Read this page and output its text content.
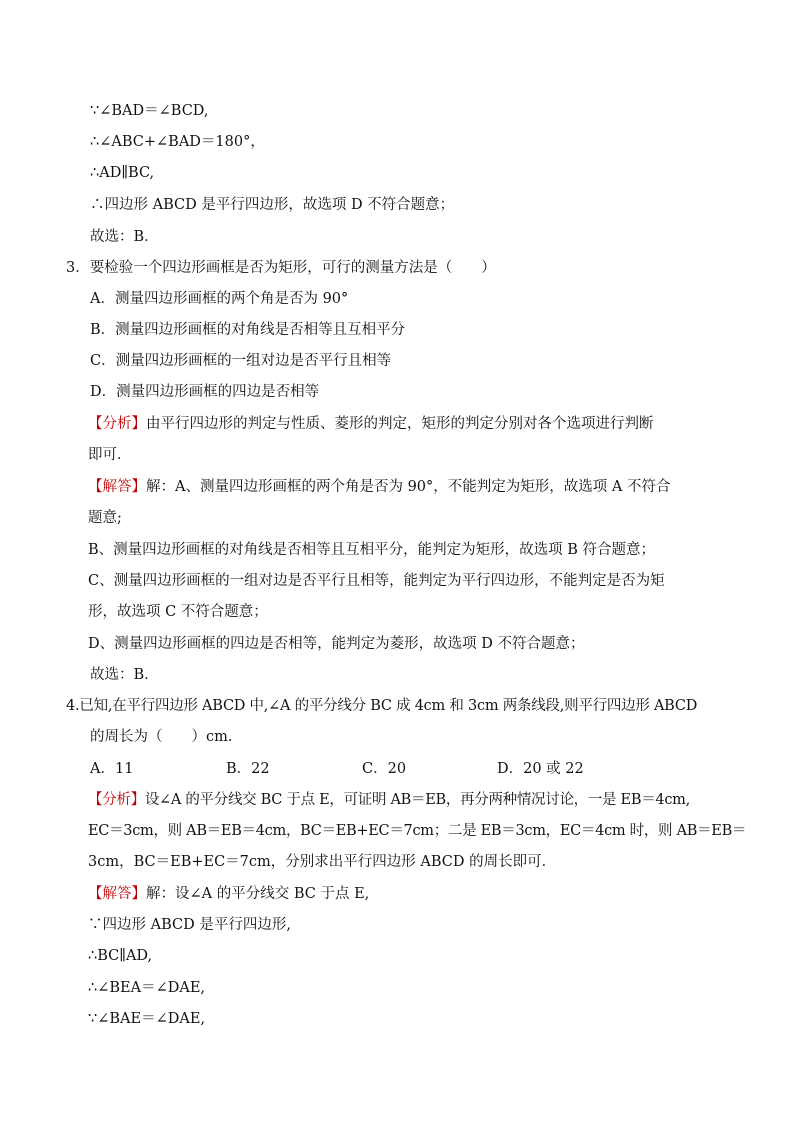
∵∠BAD＝∠BCD,
∴∠ABC+∠BAD＝180°，
∴AD∥BC,
∴四边形 ABCD 是平行四边形，故选项 D 不符合题意；
故选：B．
3．要检验一个四边形画框是否为矩形，可行的测量方法是（　　）
A．测量四边形画框的两个角是否为 90°
B．测量四边形画框的对角线是否相等且互相平分
C．测量四边形画框的一组对边是否平行且相等
D．测量四边形画框的四边是否相等
【分析】由平行四边形的判定与性质、菱形的判定，矩形的判定分别对各个选项进行判断
即可．
【解答】解：A、测量四边形画框的两个角是否为 90°，不能判定为矩形，故选项 A 不符合
题意;
B、测量四边形画框的对角线是否相等且互相平分，能判定为矩形，故选项 B 符合题意；
C、测量四边形画框的一组对边是否平行且相等，能判定为平行四边形，不能判定是否为矩
形，故选项 C 不符合题意；
D、测量四边形画框的四边是否相等，能判定为菱形，故选项 D 不符合题意；
故选：B．
4.已知,在平行四边形 ABCD 中,∠A 的平分线分 BC 成 4cm 和 3cm 两条线段,则平行四边形 ABCD
的周长为（　　）cm.
A．11	B．22	C．20	D．20 或 22
【分析】设∠A 的平分线交 BC 于点 E，可证明 AB＝EB，再分两种情况讨论，一是 EB＝4cm,
EC＝3cm，则 AB＝EB＝4cm，BC＝EB+EC＝7cm；二是 EB＝3cm，EC＝4cm 时，则 AB＝EB＝
3cm，BC＝EB+EC＝7cm，分别求出平行四边形 ABCD 的周长即可．
【解答】解：设∠A 的平分线交 BC 于点 E,
∵四边形 ABCD 是平行四边形,
∴BC∥AD,
∴∠BEA＝∠DAE,
∵∠BAE＝∠DAE,
